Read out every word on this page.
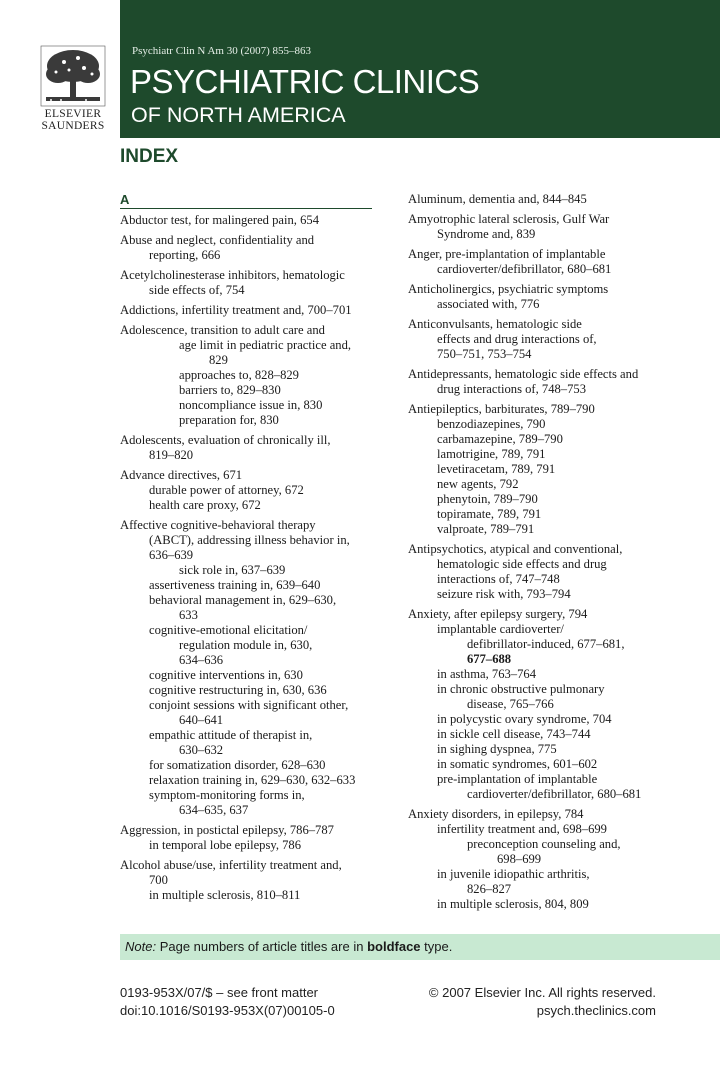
ELSEVIER
SAUNDERS
Psychiatr Clin N Am 30 (2007) 855–863
PSYCHIATRIC CLINICS
OF NORTH AMERICA
INDEX
A
Abductor test, for malingered pain, 654
Abuse and neglect, confidentiality and
reporting, 666
Acetylcholinesterase inhibitors, hematologic
side effects of, 754
Addictions, infertility treatment and, 700–701
Adolescence, transition to adult care and
age limit in pediatric practice and,
829
approaches to, 828–829
barriers to, 829–830
noncompliance issue in, 830
preparation for, 830
Adolescents, evaluation of chronically ill,
819–820
Advance directives, 671
durable power of attorney, 672
health care proxy, 672
Affective cognitive-behavioral therapy
(ABCT), addressing illness behavior in,
636–639
sick role in, 637–639
assertiveness training in, 639–640
behavioral management in, 629–630,
633
cognitive-emotional elicitation/
regulation module in, 630,
634–636
cognitive interventions in, 630
cognitive restructuring in, 630, 636
conjoint sessions with significant other,
640–641
empathic attitude of therapist in,
630–632
for somatization disorder, 628–630
relaxation training in, 629–630, 632–633
symptom-monitoring forms in,
634–635, 637
Aggression, in postictal epilepsy, 786–787
in temporal lobe epilepsy, 786
Alcohol abuse/use, infertility treatment and,
700
in multiple sclerosis, 810–811
Aluminum, dementia and, 844–845
Amyotrophic lateral sclerosis, Gulf War
Syndrome and, 839
Anger, pre-implantation of implantable
cardioverter/defibrillator, 680–681
Anticholinergics, psychiatric symptoms
associated with, 776
Anticonvulsants, hematologic side
effects and drug interactions of,
750–751, 753–754
Antidepressants, hematologic side effects and
drug interactions of, 748–753
Antiepileptics, barbiturates, 789–790
benzodiazepines, 790
carbamazepine, 789–790
lamotrigine, 789, 791
levetiracetam, 789, 791
new agents, 792
phenytoin, 789–790
topiramate, 789, 791
valproate, 789–791
Antipsychotics, atypical and conventional,
hematologic side effects and drug
interactions of, 747–748
seizure risk with, 793–794
Anxiety, after epilepsy surgery, 794
implantable cardioverter/
defibrillator-induced, 677–681,
677–688
in asthma, 763–764
in chronic obstructive pulmonary
disease, 765–766
in polycystic ovary syndrome, 704
in sickle cell disease, 743–744
in sighing dyspnea, 775
in somatic syndromes, 601–602
pre-implantation of implantable
cardioverter/defibrillator, 680–681
Anxiety disorders, in epilepsy, 784
infertility treatment and, 698–699
preconception counseling and,
698–699
in juvenile idiopathic arthritis,
826–827
in multiple sclerosis, 804, 809
Note: Page numbers of article titles are in boldface type.
0193-953X/07/$ – see front matter
doi:10.1016/S0193-953X(07)00105-0
© 2007 Elsevier Inc. All rights reserved.
psych.theclinics.com
